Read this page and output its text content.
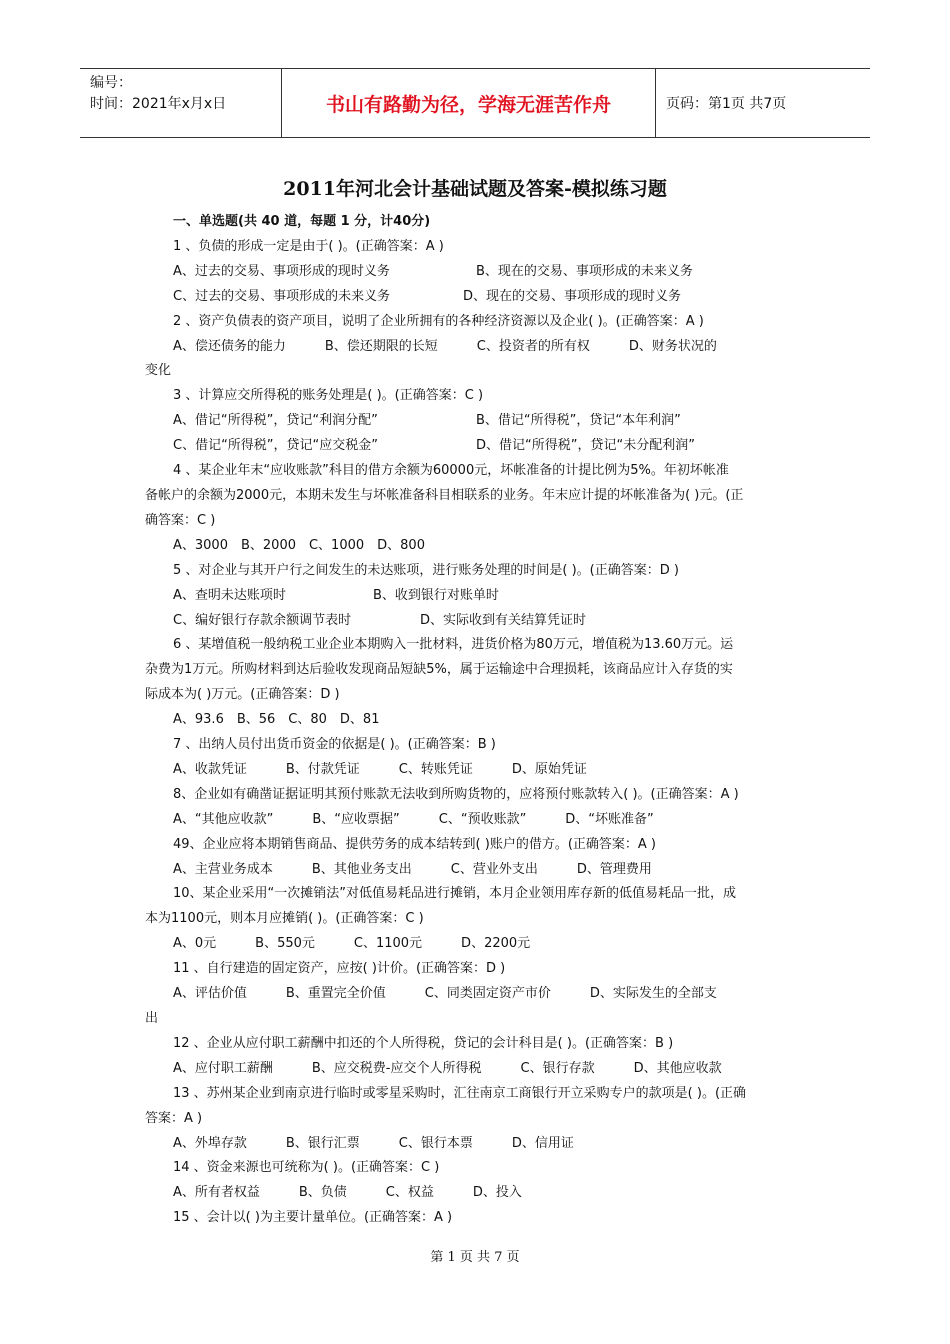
编号：
时间：2021年x月x日	书山有路勤为径，学海无涯苦作舟	页码：第1页 共7页
2011年河北会计基础试题及答案-模拟练习题
一、单选题(共 40 道，每题 1 分，计40分)
1 、负债的形成一定是由于( )。(正确答案：A )
A、过去的交易、事项形成的现时义务	B、现在的交易、事项形成的未来义务
C、过去的交易、事项形成的未来义务	D、现在的交易、事项形成的现时义务
2 、资产负债表的资产项目，说明了企业所拥有的各种经济资源以及企业( )。(正确答案：A )
A、偿还债务的能力　　　B、偿还期限的长短　　　C、投资者的所有权　　　D、财务状况的
变化
3 、计算应交所得税的账务处理是( )。(正确答案：C )
A、借记“所得税”，贷记“利润分配”	B、借记“所得税”，贷记“本年利润”
C、借记“所得税”，贷记“应交税金”	D、借记“所得税”，贷记“未分配利润”
4 、某企业年末“应收账款”科目的借方余额为60000元，坏帐准备的计提比例为5%。年初坏帐准
备帐户的余额为2000元，本期未发生与坏帐准备科目相联系的业务。年末应计提的坏帐准备为( )元。(正
确答案：C )
A、3000　B、2000　C、1000　D、800
5 、对企业与其开户行之间发生的未达账项，进行账务处理的时间是( )。(正确答案：D )
A、查明未达账项时	B、收到银行对账单时
C、编好银行存款余额调节表时	D、实际收到有关结算凭证时
6 、某增值税一般纳税工业企业本期购入一批材料，进货价格为80万元，增值税为13.60万元。运
杂费为1万元。所购材料到达后验收发现商品短缺5%，属于运输途中合理损耗，该商品应计入存货的实
际成本为( )万元。(正确答案：D )
A、93.6　B、56　C、80　D、81
7 、出纳人员付出货币资金的依据是( )。(正确答案：B )
A、收款凭证　　　B、付款凭证　　　C、转账凭证　　　D、原始凭证
8、企业如有确凿证据证明其预付账款无法收到所购货物的，应将预付账款转入( )。(正确答案：A )
A、“其他应收款”　　　B、“应收票据”　　　C、“预收账款”　　　D、“坏账准备”
49、企业应将本期销售商品、提供劳务的成本结转到( )账户的借方。(正确答案：A )
A、主营业务成本　　　B、其他业务支出　　　C、营业外支出　　　D、管理费用
10、某企业采用“一次摊销法”对低值易耗品进行摊销，本月企业领用库存新的低值易耗品一批，成
本为1100元，则本月应摊销( )。(正确答案：C )
A、0元　　　B、550元　　　C、1100元　　　D、2200元
11 、自行建造的固定资产，应按( )计价。(正确答案：D )
A、评估价值　　　B、重置完全价值　　　C、同类固定资产市价　　　D、实际发生的全部支
出
12 、企业从应付职工薪酬中扣还的个人所得税，贷记的会计科目是( )。(正确答案：B )
A、应付职工薪酬　　　B、应交税费-应交个人所得税　　　C、银行存款　　　D、其他应收款
13 、苏州某企业到南京进行临时或零星采购时，汇往南京工商银行开立采购专户的款项是( )。(正确
答案：A )
A、外埠存款　　　B、银行汇票　　　C、银行本票　　　D、信用证
14 、资金来源也可统称为( )。(正确答案：C )
A、所有者权益　　　B、负债　　　C、权益　　　D、投入
15 、会计以( )为主要计量单位。(正确答案：A )
第 1 页 共 7 页
